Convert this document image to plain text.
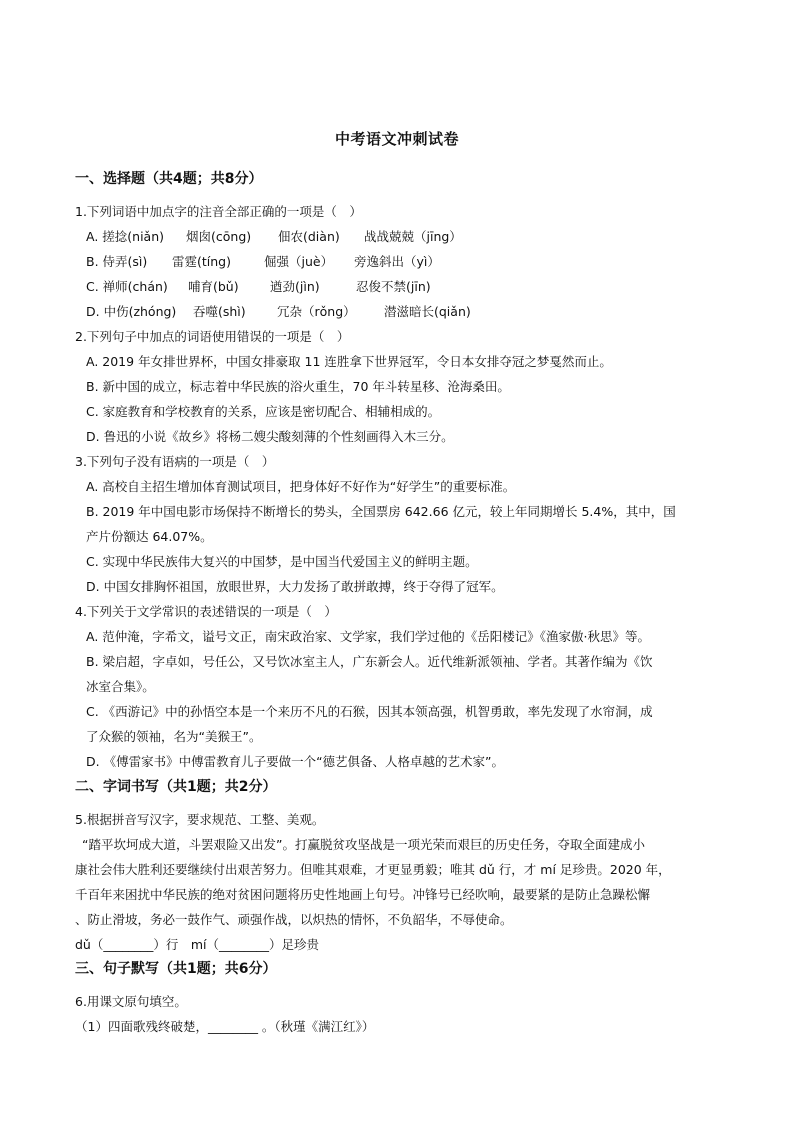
中考语文冲刺试卷
一、选择题（共4题；共8分）
1.下列词语中加点字的注音全部正确的一项是（　）
A. 搓捻(niǎn) 烟囱(cōng) 佃农(diàn) 战战兢兢（jīng）
B. 侍弄(sì) 雷霆(tíng)	倔强（juè） 旁逸斜出（yì）
C. 禅师(chán) 哺育(bǔ)	遒劲(jìn)	忍俊不禁(jīn)
D. 中伤(zhóng) 吞噬(shì)	冗杂（rǒng） 潜滋暗长(qiǎn)
2.下列句子中加点的词语使用错误的一项是（　）
A. 2019 年女排世界杯，中国女排豪取 11 连胜拿下世界冠军，令日本女排夺冠之梦戛然而止。
B. 新中国的成立，标志着中华民族的浴火重生，70 年斗转星移、沧海桑田。
C. 家庭教育和学校教育的关系，应该是密切配合、相辅相成的。
D. 鲁迅的小说《故乡》将杨二嫂尖酸刻薄的个性刻画得入木三分。
3.下列句子没有语病的一项是（　）
A. 高校自主招生增加体育测试项目，把身体好不好作为“好学生”的重要标准。
B. 2019 年中国电影市场保持不断增长的势头，全国票房 642.66 亿元，较上年同期增长 5.4%，其中，国
产片份额达 64.07%。
C. 实现中华民族伟大复兴的中国梦，是中国当代爱国主义的鲜明主题。
D. 中国女排胸怀祖国，放眼世界，大力发扬了敢拼敢搏，终于夺得了冠军。
4.下列关于文学常识的表述错误的一项是（　）
A. 范仲淹，字希文，谥号文正，南宋政治家、文学家，我们学过他的《岳阳楼记》《渔家傲·秋思》等。
B. 梁启超，字卓如，号任公，又号饮冰室主人，广东新会人。近代维新派领袖、学者。其著作编为《饮
冰室合集》。
C. 《西游记》中的孙悟空本是一个来历不凡的石猴，因其本领高强，机智勇敢，率先发现了水帘洞，成
了众猴的领袖，名为“美猴王”。
D. 《傅雷家书》中傅雷教育儿子要做一个“德艺俱备、人格卓越的艺术家”。
二、字词书写（共1题；共2分）
5.根据拼音写汉字，要求规范、工整、美观。
“踏平坎坷成大道，斗罢艰险又出发”。打赢脱贫攻坚战是一项光荣而艰巨的历史任务，夺取全面建成小
康社会伟大胜利还要继续付出艰苦努力。但唯其艰难，才更显勇毅；唯其 dǔ 行，才 mí 足珍贵。2020 年，
千百年来困扰中华民族的绝对贫困问题将历史性地画上句号。冲锋号已经吹响，最要紧的是防止急躁松懈
、防止滑坡，务必一鼓作气、顽强作战，以炽热的情怀，不负韶华，不辱使命。
dǔ（________）行　mí（________）足珍贵
三、句子默写（共1题；共6分）
6.用课文原句填空。
（1）四面歌残终破楚，________ 。（秋瑾《满江红》）
